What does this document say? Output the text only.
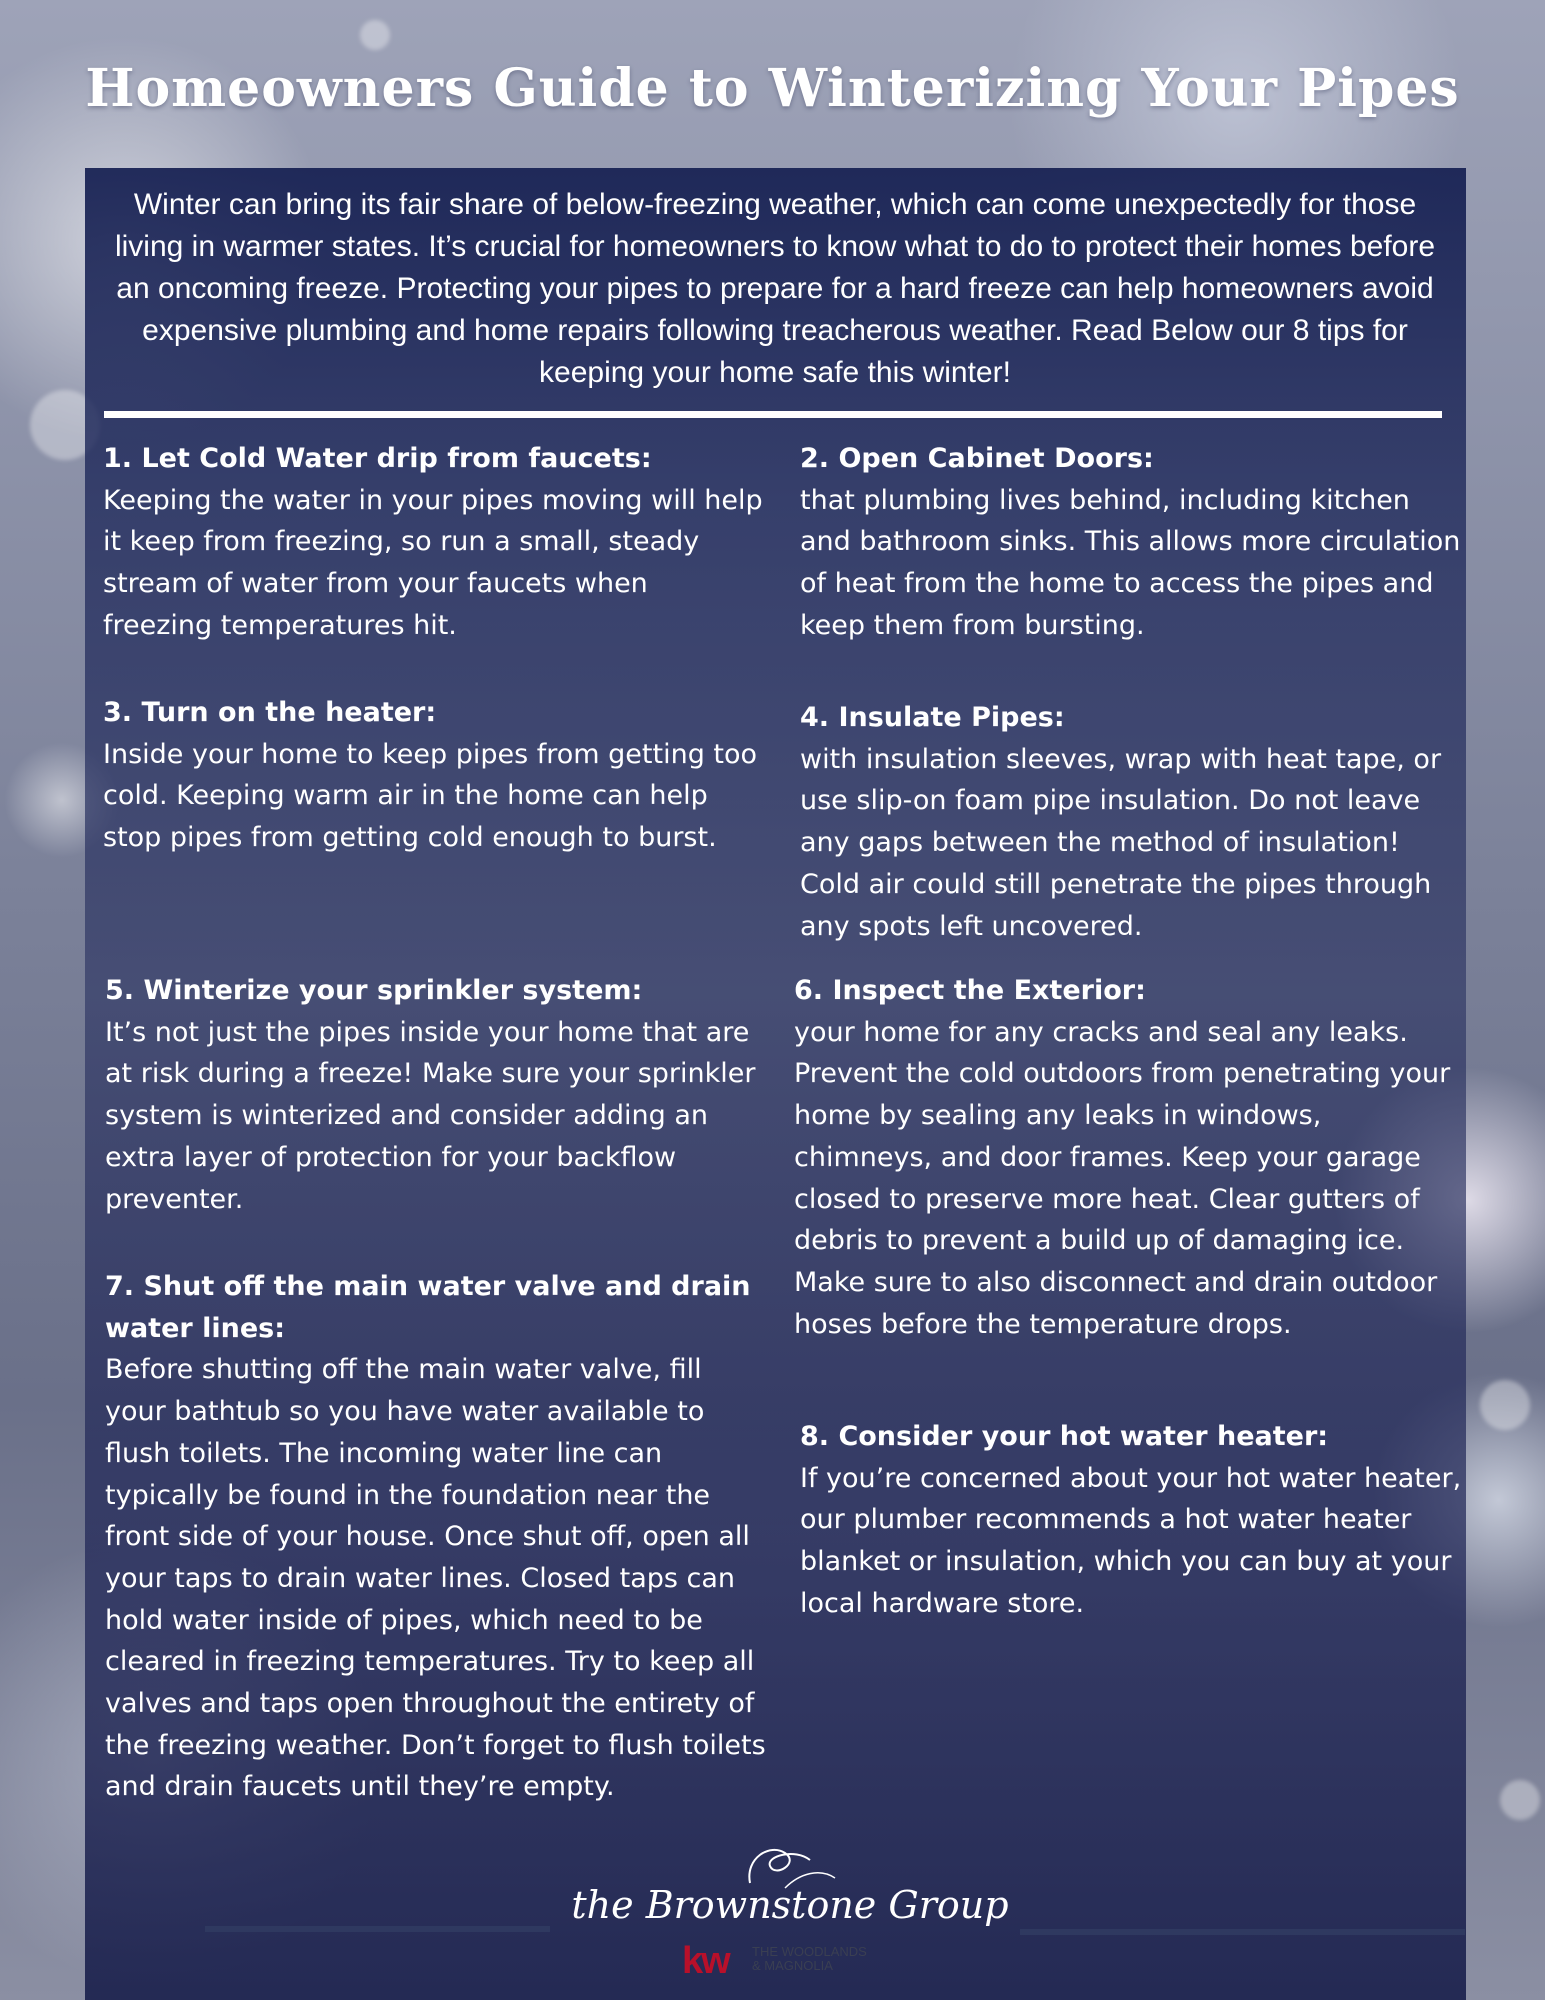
Homeowners Guide to Winterizing Your Pipes

Winter can bring its fair share of below-freezing weather, which can come unexpectedly for those living in warmer states. It’s crucial for homeowners to know what to do to protect their homes before an oncoming freeze. Protecting your pipes to prepare for a hard freeze can help homeowners avoid expensive plumbing and home repairs following treacherous weather. Read Below our 8 tips for keeping your home safe this winter!

1. Let Cold Water drip from faucets:

Keeping the water in your pipes moving will help it keep from freezing, so run a small, steady stream of water from your faucets when freezing temperatures hit.

2. Open Cabinet Doors:

that plumbing lives behind, including kitchen and bathroom sinks. This allows more circulation of heat from the home to access the pipes and keep them from bursting.

3. Turn on the heater:

Inside your home to keep pipes from getting too cold. Keeping warm air in the home can help stop pipes from getting cold enough to burst.

4. Insulate Pipes:

with insulation sleeves, wrap with heat tape, or use slip-on foam pipe insulation. Do not leave any gaps between the method of insulation! Cold air could still penetrate the pipes through any spots left uncovered.

5. Winterize your sprinkler system:

It’s not just the pipes inside your home that are at risk during a freeze! Make sure your sprinkler system is winterized and consider adding an extra layer of protection for your backflow preventer.

6. Inspect the Exterior:

your home for any cracks and seal any leaks. Prevent the cold outdoors from penetrating your home by sealing any leaks in windows, chimneys, and door frames. Keep your garage closed to preserve more heat. Clear gutters of debris to prevent a build up of damaging ice. Make sure to also disconnect and drain outdoor hoses before the temperature drops.

7. Shut off the main water valve and drain water lines:

Before shutting off the main water valve, fill your bathtub so you have water available to flush toilets. The incoming water line can typically be found in the foundation near the front side of your house. Once shut off, open all your taps to drain water lines. Closed taps can hold water inside of pipes, which need to be cleared in freezing temperatures. Try to keep all valves and taps open throughout the entirety of the freezing weather. Don’t forget to flush toilets and drain faucets until they’re empty.

8. Consider your hot water heater:

If you’re concerned about your hot water heater, our plumber recommends a hot water heater blanket or insulation, which you can buy at your local hardware store.

the Brownstone Group
kw THE WOODLANDS
& MAGNOLIA
